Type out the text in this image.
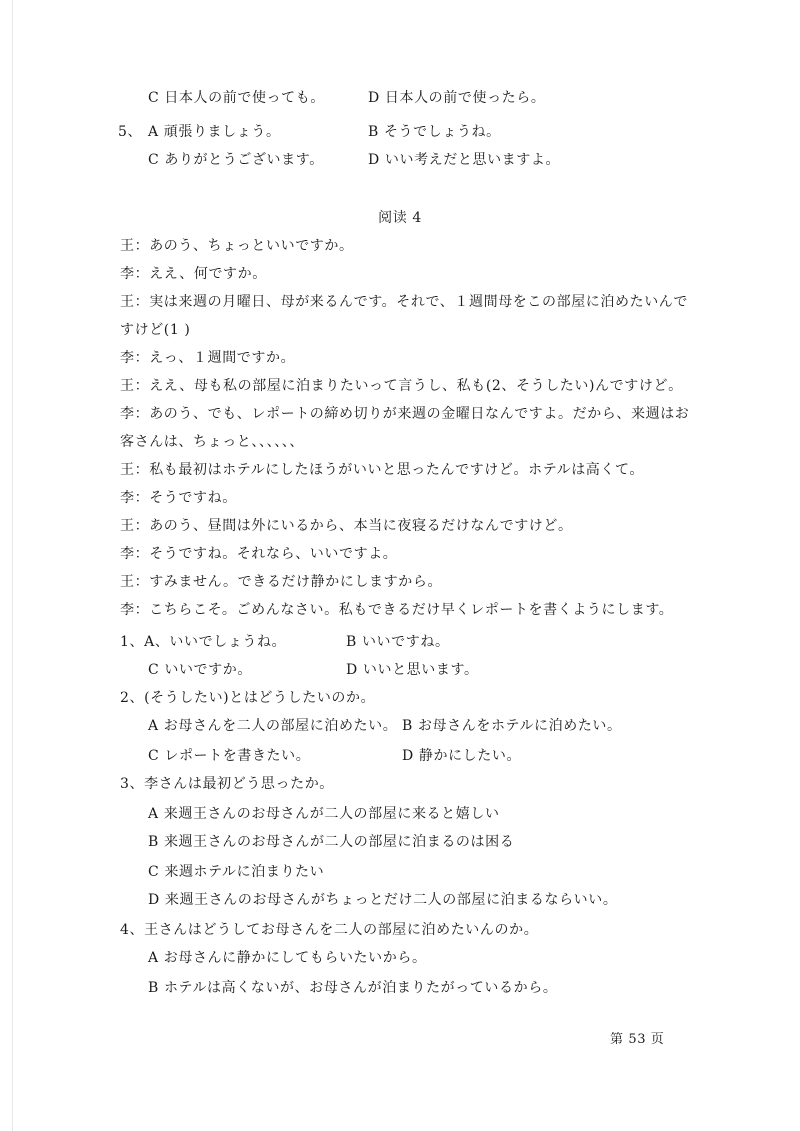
C 日本人の前で使っても。	D 日本人の前で使ったら。
5、 A 頑張りましょう。	B そうでしょうね。
C ありがとうございます。	D いい考えだと思いますよ。
阅读 4
王：あのう、ちょっといいですか。
李：ええ、何ですか。
王：実は来週の月曜日、母が来るんです。それで、１週間母をこの部屋に泊めたいんで
すけど(1 )
李：えっ、１週間ですか。
王：ええ、母も私の部屋に泊まりたいって言うし、私も(2、そうしたい)んですけど。
李：あのう、でも、レポートの締め切りが来週の金曜日なんですよ。だから、来週はお
客さんは、ちょっと、、、、、、
王：私も最初はホテルにしたほうがいいと思ったんですけど。ホテルは高くて。
李：そうですね。
王：あのう、昼間は外にいるから、本当に夜寝るだけなんですけど。
李：そうですね。それなら、いいですよ。
王：すみません。できるだけ静かにしますから。
李：こちらこそ。ごめんなさい。私もできるだけ早くレポートを書くようにします。
1、A、いいでしょうね。	B いいですね。
C いいですか。	D いいと思います。
2、(そうしたい)とはどうしたいのか。
A お母さんを二人の部屋に泊めたい。 B お母さんをホテルに泊めたい。
C レポートを書きたい。	D 静かにしたい。
3、李さんは最初どう思ったか。
A 来週王さんのお母さんが二人の部屋に来ると嬉しい
B 来週王さんのお母さんが二人の部屋に泊まるのは困る
C 来週ホテルに泊まりたい
D 来週王さんのお母さんがちょっとだけ二人の部屋に泊まるならいい。
4、王さんはどうしてお母さんを二人の部屋に泊めたいんのか。
A お母さんに静かにしてもらいたいから。
B ホテルは高くないが、お母さんが泊まりたがっているから。
第 53 页
